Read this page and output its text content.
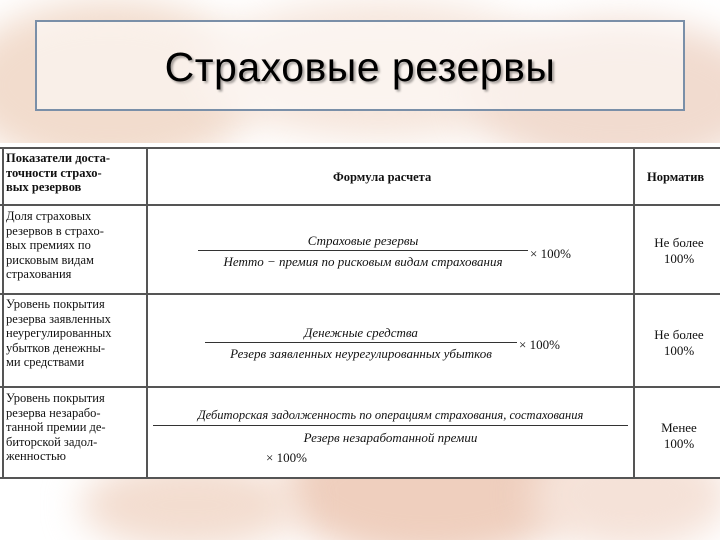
Страховые резервы
Показатели доста-
точности страхо-
вых резервов
Формула расчета	Норматив
Доля страховых
резервов в страхо-
вых премиях по
рисковым видам
страхования
Страховые резервы
Нетто − премия по рисковым видам страхования
× 100%
Не более
100%
Уровень покрытия
резерва заявленных
неурегулированных
убытков денежны-
ми средствами
Денежные средства
Резерв заявленных неурегулированных убытков
× 100%
Не более
100%
Уровень покрытия
резерва незарабо-
танной премии де-
биторской задол-
женностью
Дебиторская задолженность по операциям страхования, состахования
Резерв незаработанной премии
× 100%
Менее
100%
